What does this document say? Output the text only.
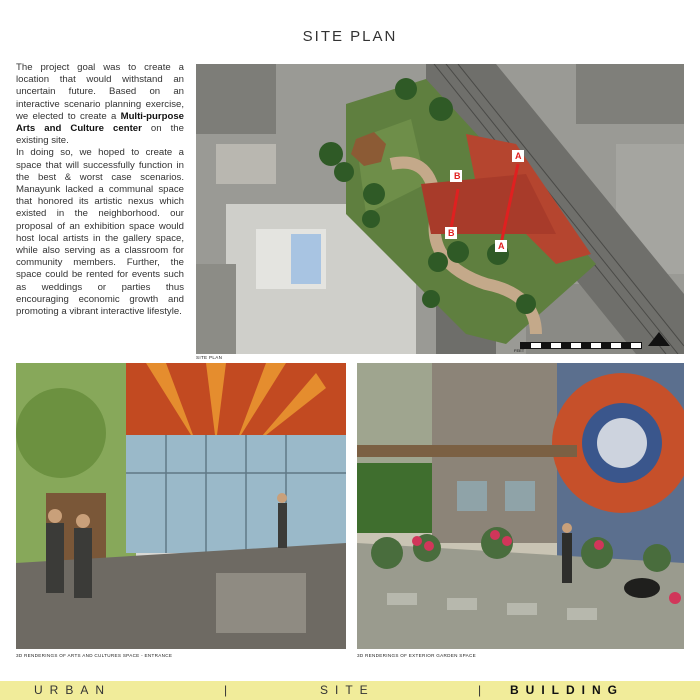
SITE PLAN

The project goal was to create a location that would withstand an uncertain future. Based on an interactive scenario planning exercise, we elected to create a Multi-purpose Arts and Culture center on the existing site.

In doing so, we hoped to create a space that will successfully function in the best & worst case scenarios. Manayunk lacked a communal space that honored its artistic nexus which existed in the neighborhood. our proposal of an exhibition space would host local artists in the gallery space, while also serving as a classroom for community members. Further, the space could be rented for events such as weddings or parties thus encouraging economic growth and promoting a vibrant interactive lifestyle.

B
B
A
A
FEET
SITE PLAN
3D RENDERINGS OF ARTS AND CULTURES SPACE - ENTRANCE	3D RENDERINGS OF EXTERIOR GARDEN SPACE
URBAN	|	SITE	| BUILDING
